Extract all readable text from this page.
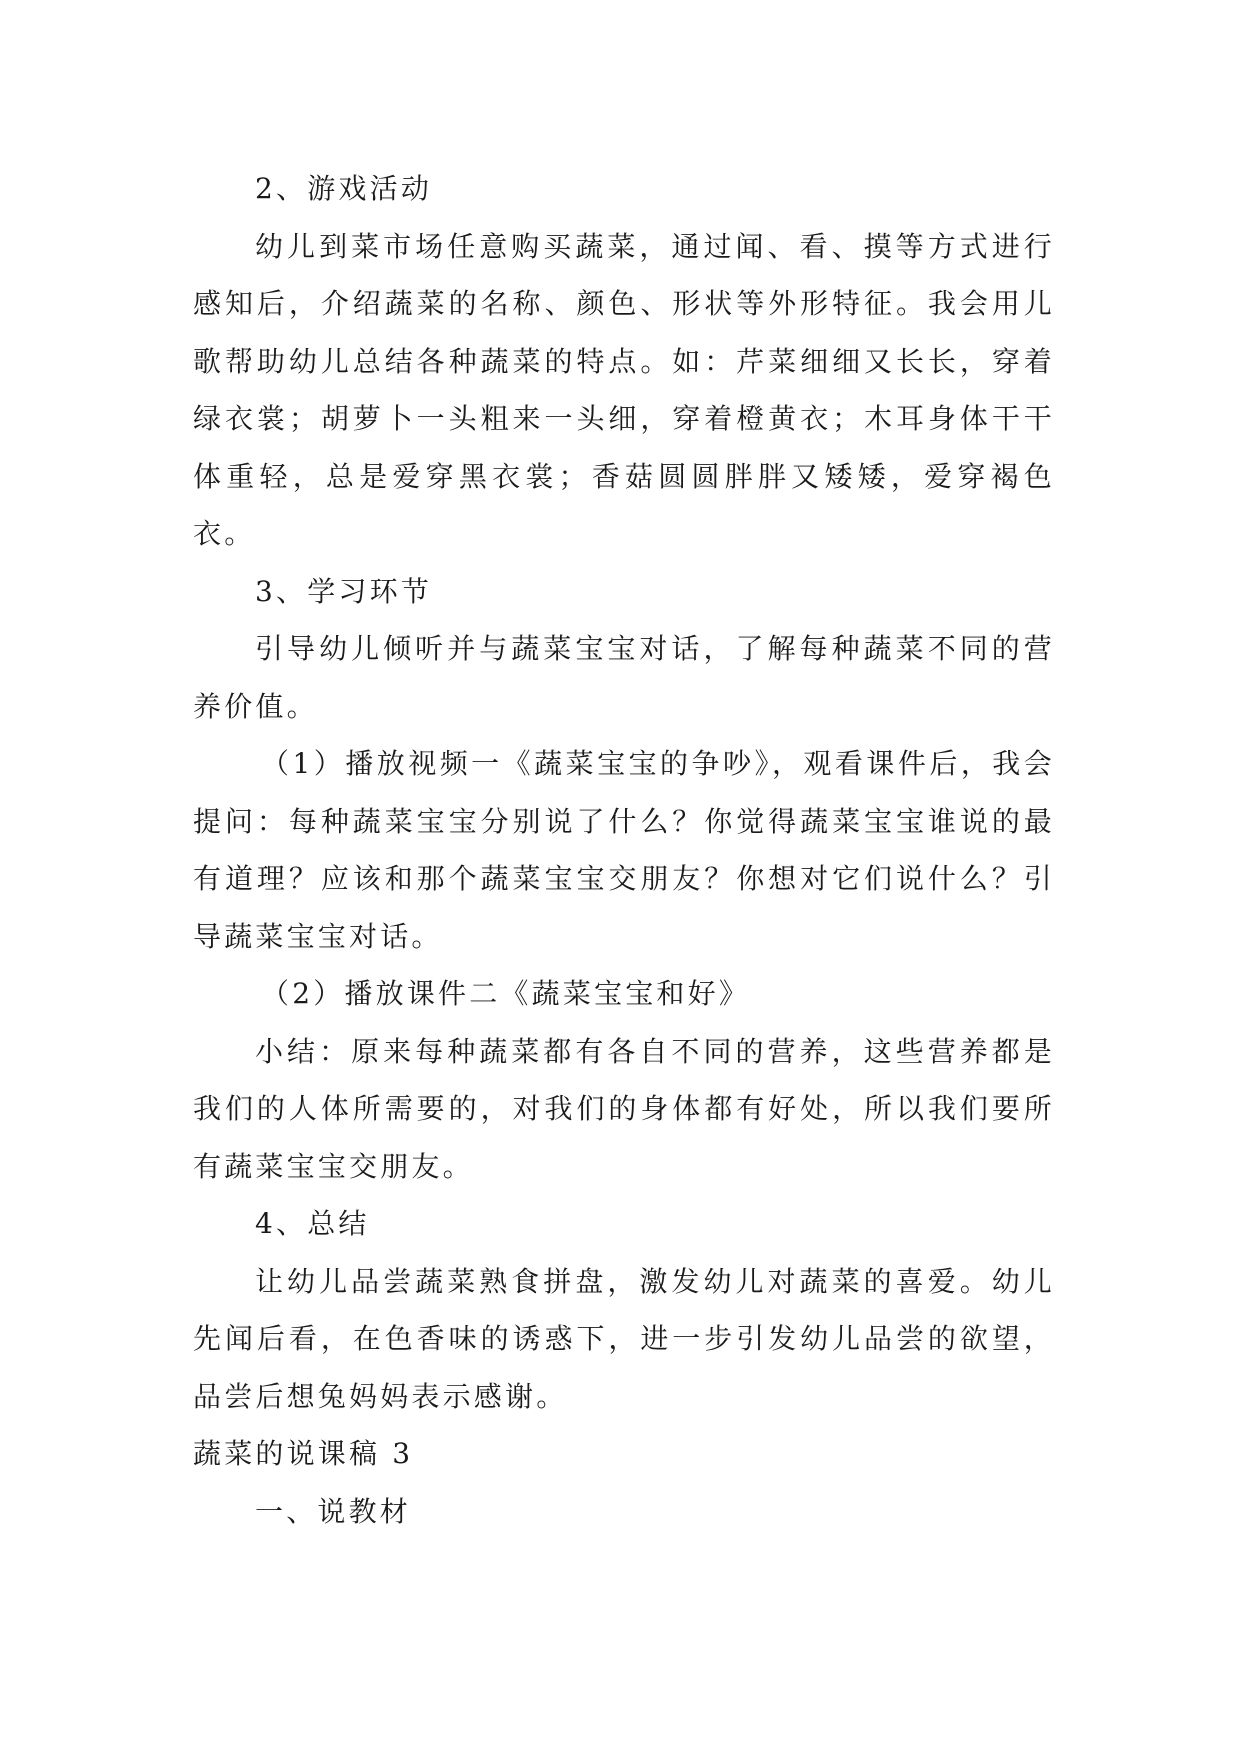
2、游戏活动

幼儿到菜市场任意购买蔬菜，通过闻、看、摸等方式进行感知后，介绍蔬菜的名称、颜色、形状等外形特征。我会用儿歌帮助幼儿总结各种蔬菜的特点。如：芹菜细细又长长，穿着绿衣裳；胡萝卜一头粗来一头细，穿着橙黄衣；木耳身体干干体重轻，总是爱穿黑衣裳；香菇圆圆胖胖又矮矮，爱穿褐色衣。

3、学习环节

引导幼儿倾听并与蔬菜宝宝对话，了解每种蔬菜不同的营养价值。

（1）播放视频一《蔬菜宝宝的争吵》，观看课件后，我会提问：每种蔬菜宝宝分别说了什么？你觉得蔬菜宝宝谁说的最有道理？应该和那个蔬菜宝宝交朋友？你想对它们说什么？引导蔬菜宝宝对话。

（2）播放课件二《蔬菜宝宝和好》

小结：原来每种蔬菜都有各自不同的营养，这些营养都是我们的人体所需要的，对我们的身体都有好处，所以我们要所有蔬菜宝宝交朋友。

4、总结

让幼儿品尝蔬菜熟食拼盘，激发幼儿对蔬菜的喜爱。幼儿先闻后看，在色香味的诱惑下，进一步引发幼儿品尝的欲望，品尝后想兔妈妈表示感谢。

蔬菜的说课稿 3

一、说教材
